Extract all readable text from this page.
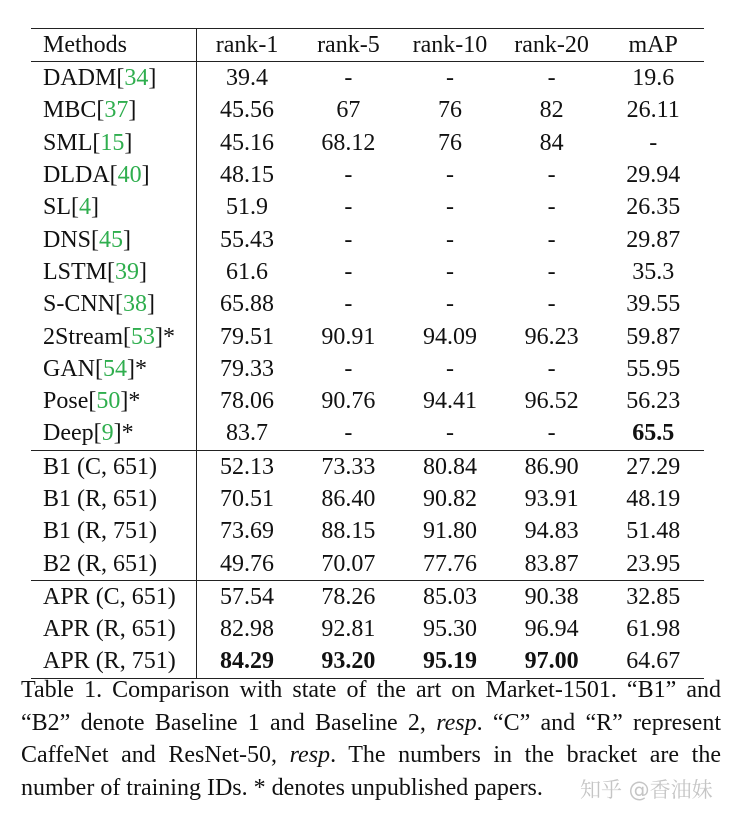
Methods	rank-1	rank-5	rank-10	rank-20	mAP
DADM[34]	39.4	-	-	-	19.6
MBC[37]	45.56	67	76	82	26.11
SML[15]	45.16	68.12	76	84	-
DLDA[40]	48.15	-	-	-	29.94
SL[4]	51.9	-	-	-	26.35
DNS[45]	55.43	-	-	-	29.87
LSTM[39]	61.6	-	-	-	35.3
S-CNN[38]	65.88	-	-	-	39.55
2Stream[53]*	79.51	90.91	94.09	96.23	59.87
GAN[54]*	79.33	-	-	-	55.95
Pose[50]*	78.06	90.76	94.41	96.52	56.23
Deep[9]*	83.7	-	-	-	65.5
B1 (C, 651)	52.13	73.33	80.84	86.90	27.29
B1 (R, 651)	70.51	86.40	90.82	93.91	48.19
B1 (R, 751)	73.69	88.15	91.80	94.83	51.48
B2 (R, 651)	49.76	70.07	77.76	83.87	23.95
APR (C, 651)	57.54	78.26	85.03	90.38	32.85
APR (R, 651)	82.98	92.81	95.30	96.94	61.98
APR (R, 751)	84.29	93.20	95.19	97.00	64.67
Table 1. Comparison with state of the art on Market-1501. “B1” and “B2” denote Baseline 1 and Baseline 2, resp. “C” and “R” represent CaffeNet and ResNet-50, resp. The numbers in the bracket are the number of training IDs. * denotes unpublished papers.	知乎 @香油妹
